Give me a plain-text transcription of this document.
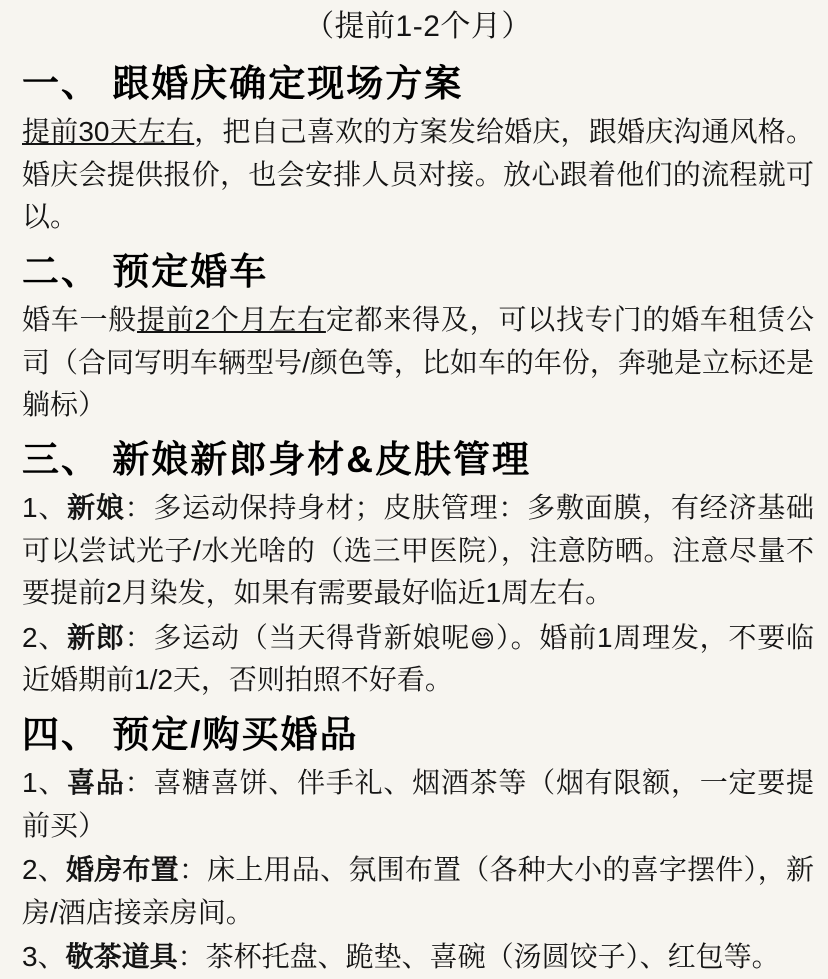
（提前1-2个月）
一、 跟婚庆确定现场方案
提前30天左右，把自己喜欢的方案发给婚庆，跟婚庆沟通风格。婚庆会提供报价，也会安排人员对接。放心跟着他们的流程就可以。
二、 预定婚车
婚车一般提前2个月左右定都来得及，可以找专门的婚车租赁公司（合同写明车辆型号/颜色等，比如车的年份，奔驰是立标还是躺标）
三、 新娘新郎身材&皮肤管理
1、新娘：多运动保持身材；皮肤管理：多敷面膜，有经济基础可以尝试光子/水光啥的（选三甲医院），注意防晒。注意尽量不要提前2月染发，如果有需要最好临近1周左右。
2、新郎：多运动（当天得背新娘呢😄）。婚前1周理发，不要临近婚期前1/2天，否则拍照不好看。
四、 预定/购买婚品
1、喜品：喜糖喜饼、伴手礼、烟酒茶等（烟有限额，一定要提前买）
2、婚房布置：床上用品、氛围布置（各种大小的喜字摆件），新房/酒店接亲房间。
3、敬茶道具：茶杯托盘、跪垫、喜碗（汤圆饺子）、红包等。
